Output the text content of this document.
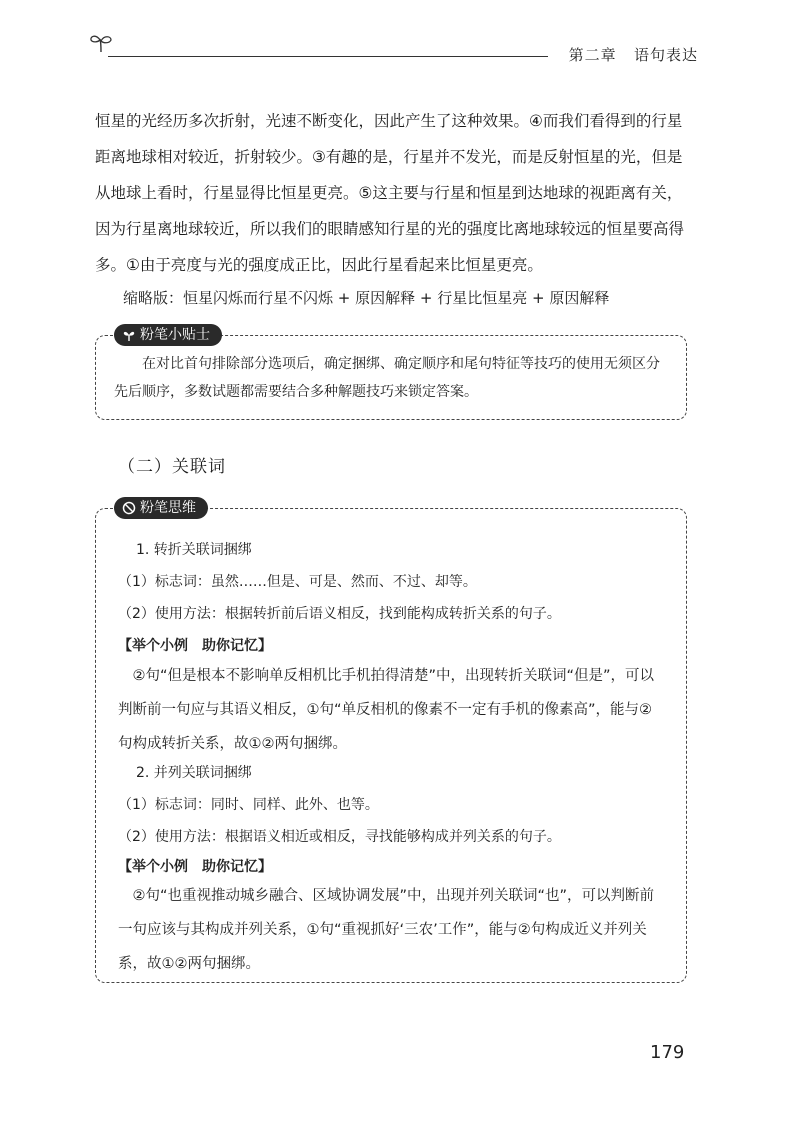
第二章 语句表达
恒星的光经历多次折射，光速不断变化，因此产生了这种效果。④而我们看得到的行星距离地球相对较近，折射较少。③有趣的是，行星并不发光，而是反射恒星的光，但是从地球上看时，行星显得比恒星更亮。⑤这主要与行星和恒星到达地球的视距离有关，因为行星离地球较近，所以我们的眼睛感知行星的光的强度比离地球较远的恒星要高得多。①由于亮度与光的强度成正比，因此行星看起来比恒星更亮。
缩略版：恒星闪烁而行星不闪烁 + 原因解释 + 行星比恒星亮 + 原因解释
粉笔小贴士
在对比首句排除部分选项后，确定捆绑、确定顺序和尾句特征等技巧的使用无须区分先后顺序，多数试题都需要结合多种解题技巧来锁定答案。
（二）关联词
粉笔思维
1. 转折关联词捆绑
（1）标志词：虽然……但是、可是、然而、不过、却等。
（2）使用方法：根据转折前后语义相反，找到能构成转折关系的句子。
【举个小例　助你记忆】
②句“但是根本不影响单反相机比手机拍得清楚”中，出现转折关联词“但是”，可以判断前一句应与其语义相反，①句“单反相机的像素不一定有手机的像素高”，能与②句构成转折关系，故①②两句捆绑。
2. 并列关联词捆绑
（1）标志词：同时、同样、此外、也等。
（2）使用方法：根据语义相近或相反，寻找能够构成并列关系的句子。
【举个小例　助你记忆】
②句“也重视推动城乡融合、区域协调发展”中，出现并列关联词“也”，可以判断前一句应该与其构成并列关系，①句“重视抓好‘三农’工作”，能与②句构成近义并列关系，故①②两句捆绑。
179
